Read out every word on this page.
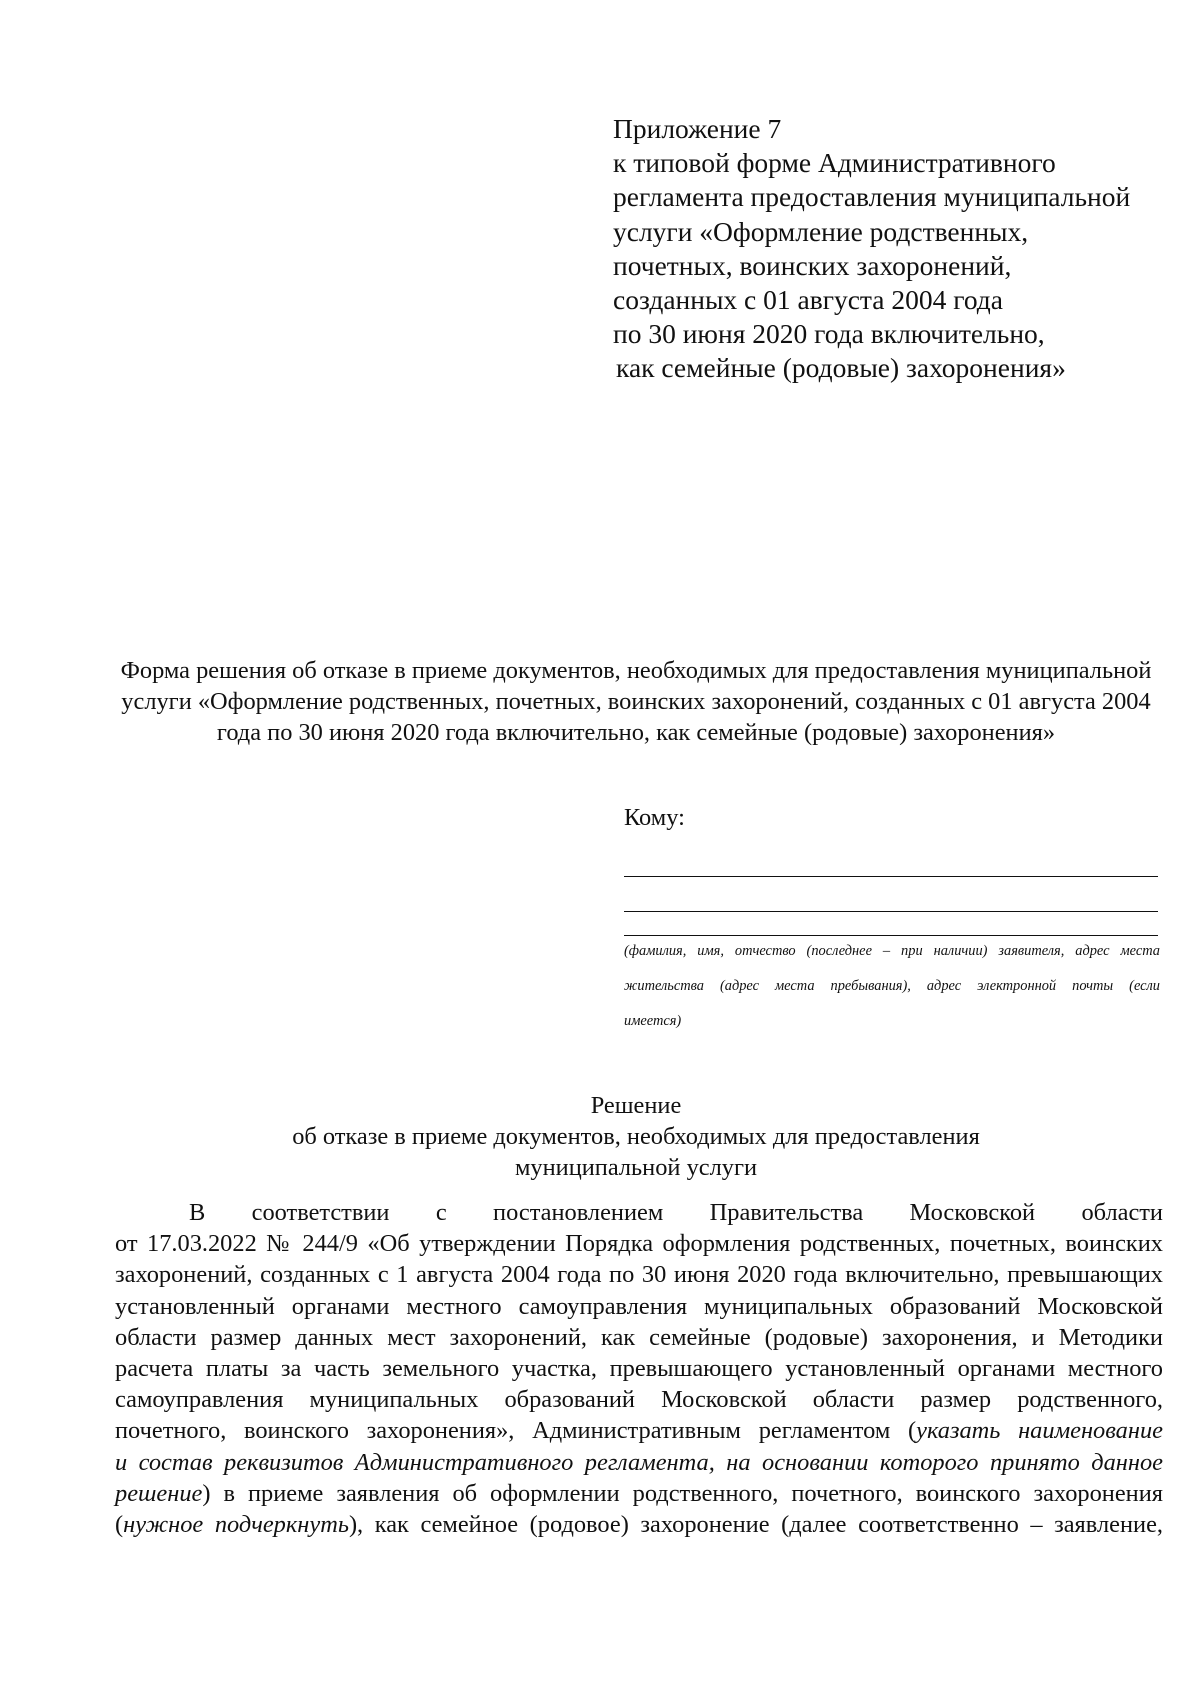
Приложение 7
к типовой форме Административного
регламента предоставления муниципальной
услуги «Оформление родственных,
почетных, воинских захоронений,
созданных с 01 августа 2004 года
по 30 июня 2020 года включительно,
как семейные (родовые) захоронения»
Форма решения об отказе в приеме документов, необходимых для предоставления муниципальной
услуги «Оформление родственных, почетных, воинских захоронений, созданных с 01 августа 2004
года по 30 июня 2020 года включительно, как семейные (родовые) захоронения»
Кому:
(фамилия, имя, отчество (последнее – при наличии) заявителя, адрес места
жительства (адрес места пребывания), адрес электронной почты (если
имеется)
Решение
об отказе в приеме документов, необходимых для предоставления
муниципальной услуги
В соответствии с постановлением Правительства Московской области
от 17.03.2022 № 244/9 «Об утверждении Порядка оформления родственных, почетных, воинских
захоронений, созданных с 1 августа 2004 года по 30 июня 2020 года включительно, превышающих
установленный органами местного самоуправления муниципальных образований Московской
области размер данных мест захоронений, как семейные (родовые) захоронения, и Методики
расчета платы за часть земельного участка, превышающего установленный органами местного
самоуправления муниципальных образований Московской области размер родственного,
почетного, воинского захоронения», Административным регламентом (указать наименование
и состав реквизитов Административного регламента, на основании которого принято данное
решение) в приеме заявления об оформлении родственного, почетного, воинского захоронения
(нужное подчеркнуть), как семейное (родовое) захоронение (далее соответственно – заявление,
